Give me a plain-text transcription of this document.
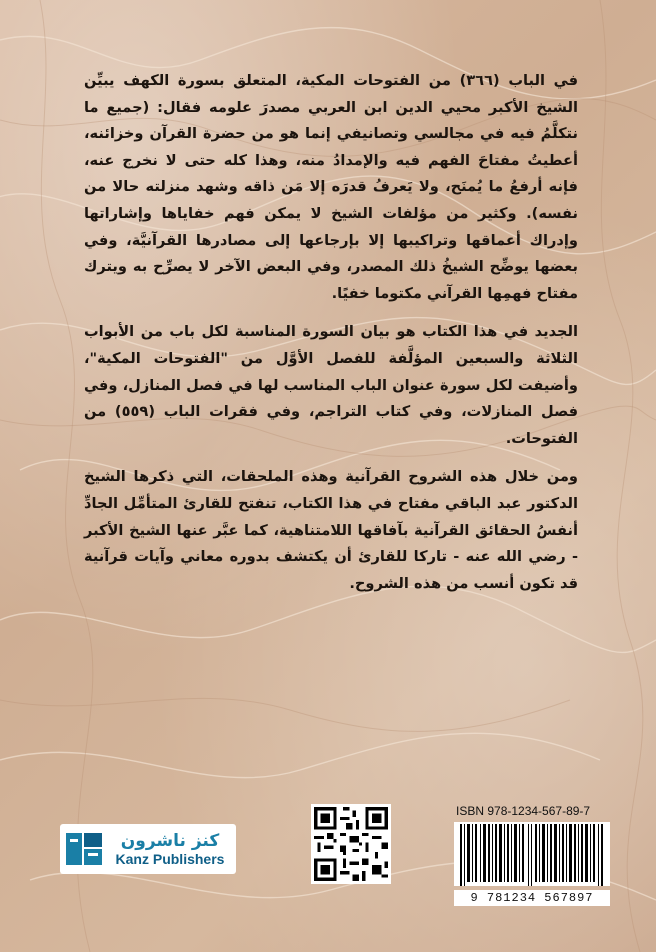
في الباب (٣٦٦) من الفتوحات المكية، المتعلق بسورة الكهف يبيِّن الشيخ الأكبر محيي الدين ابن العربي مصدرَ علومه فقال: (جميع ما نتكلَّمُ فيه في مجالسي وتصانيفي إنما هو من حضرة القرآن وخزائنه، أعطيتُ مفتاحَ الفهم فيه والإمدادُ منه، وهذا كله حتى لا نخرج عنه، فإنه أرفعُ ما يُمنَح، ولا يَعرفُ قدرَه إلا مَن ذاقه وشهد منزلته حالا من نفسه). وكثير من مؤلفات الشيخ لا يمكن فهم خفاياها وإشاراتها وإدراك أعماقها وتراكيبها إلا بإرجاعها إلى مصادرها القرآنيَّة، وفي بعضها يوضِّح الشيخُ ذلك المصدر، وفي البعض الآخر لا يصرِّح به ويترك مفتاح فهمِها القرآني مكتوما خفيًا.

الجديد في هذا الكتاب هو بيان السورة المناسبة لكل باب من الأبواب الثلاثة والسبعين المؤلَّفة للفصل الأوَّل من "الفتوحات المكية"، وأضيفت لكل سورة عنوان الباب المناسب لها في فصل المنازل، وفي فصل المنازلات، وفي كتاب التراجم، وفي فقرات الباب (٥٥٩) من الفتوحات.

ومن خلال هذه الشروح القرآنية وهذه الملحقات، التي ذكرها الشيخ الدكتور عبد الباقي مفتاح في هذا الكتاب، تنفتح للقارئ المتأمِّل الجادِّ أنفسُ الحقائق القرآنية بآفاقها اللامتناهية، كما عبَّر عنها الشيخ الأكبر - رضي الله عنه - تاركا للقارئ أن يكتشف بدوره معاني وآيات قرآنية قد تكون أنسب من هذه الشروح.

كنز ناشرون
Kanz Publishers
ISBN 978-1234-567-89-7
9 781234 567897
